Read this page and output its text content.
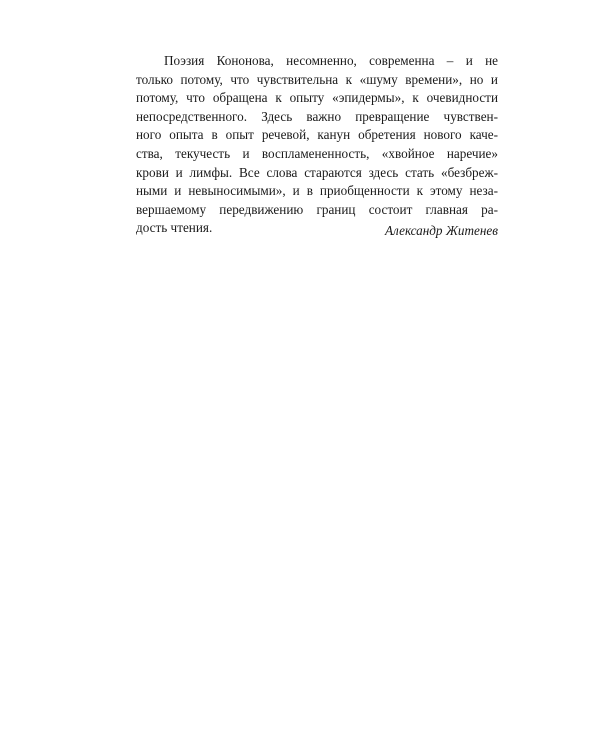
Поэзия Кононова, несомненно, современна – и не
только потому, что чувствительна к «шуму времени», но и
потому, что обращена к опыту «эпидермы», к очевидности
непосредственного. Здесь важно превращение чувствен-
ного опыта в опыт речевой, канун обретения нового каче-
ства, текучесть и воспламененность, «хвойное наречие»
крови и лимфы. Все слова стараются здесь стать «безбреж-
ными и невыносимыми», и в приобщенности к этому неза-
вершаемому передвижению границ состоит главная ра-
дость чтения.	Александр Житенев
